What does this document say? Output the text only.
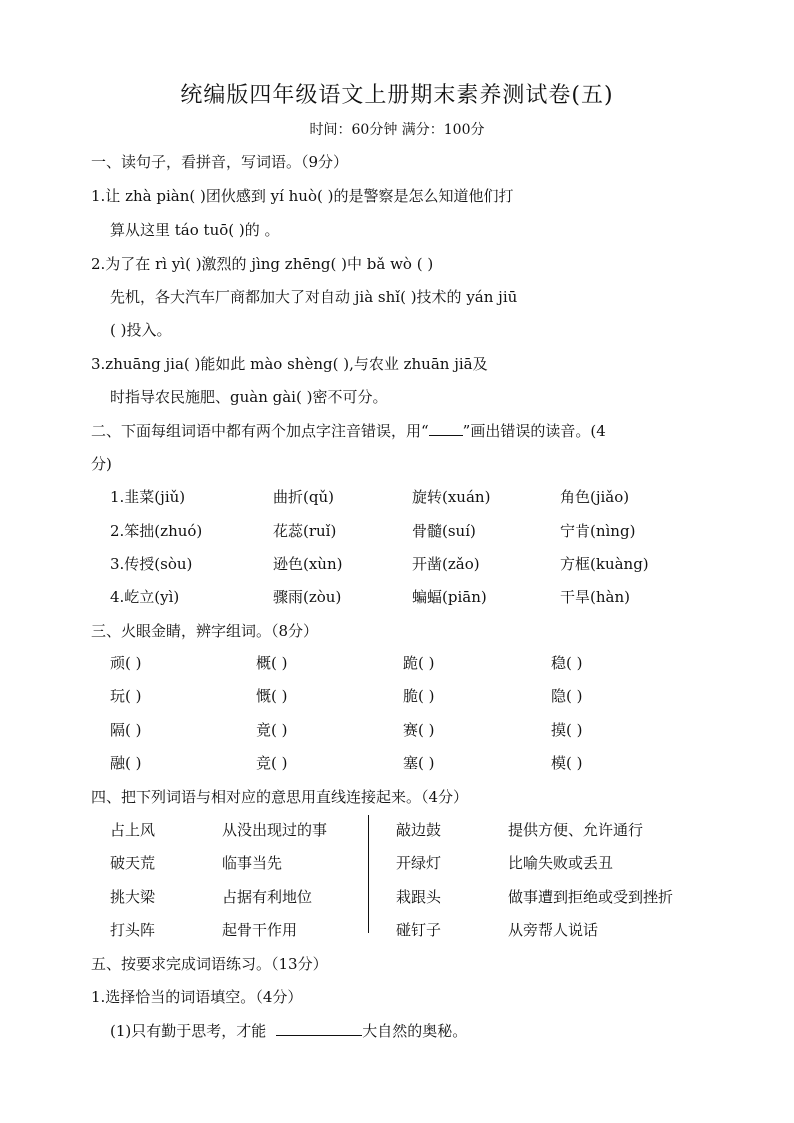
统编版四年级语文上册期末素养测试卷(五)
时间：60分钟 满分：100分
一、读句子，看拼音，写词语。（9分）
1.让 zhà piàn( )团伙感到 yí huò( )的是警察是怎么知道他们打
算从这里 táo tuō( )的 。
2.为了在 rì yì( )激烈的 jìng zhēng( )中 bǎ wò ( )
先机，各大汽车厂商都加大了对自动 jià shǐ( )技术的 yán jiū
( )投入。
3.zhuāng jia( )能如此 mào shèng( ),与农业 zhuān jiā及
时指导农民施肥、guàn gài( )密不可分。
二、下面每组词语中都有两个加点字注音错误，用“ ”画出错误的读音。(4
分)
1.韭菜(jiǔ)	曲折(qǔ)	旋转(xuán)	角色(jiǎo)
2.笨拙(zhuó)	花蕊(ruǐ)	骨髓(suí)	宁肯(nìng)
3.传授(sòu)	逊色(xùn)	开凿(zǎo)	方框(kuàng)
4.屹立(yì)	骤雨(zòu)	蝙蝠(piān)	干旱(hàn)
三、火眼金睛，辨字组词。（8分）
顽( )	概( )	跪( )	稳( )
玩( )	慨( )	脆( )	隐( )
隔( )	竟( )	赛( )	摸( )
融( )	竞( )	塞( )	模( )
四、把下列词语与相对应的意思用直线连接起来。（4分）
占上风	从没出现过的事	敲边鼓	提供方便、允许通行
破天荒	临事当先	开绿灯	比喻失败或丢丑
挑大梁	占据有利地位	栽跟头	做事遭到拒绝或受到挫折
打头阵	起骨干作用	碰钉子	从旁帮人说话
五、按要求完成词语练习。（13分）
1.选择恰当的词语填空。（4分）
(1)只有勤于思考，才能	大自然的奥秘。
